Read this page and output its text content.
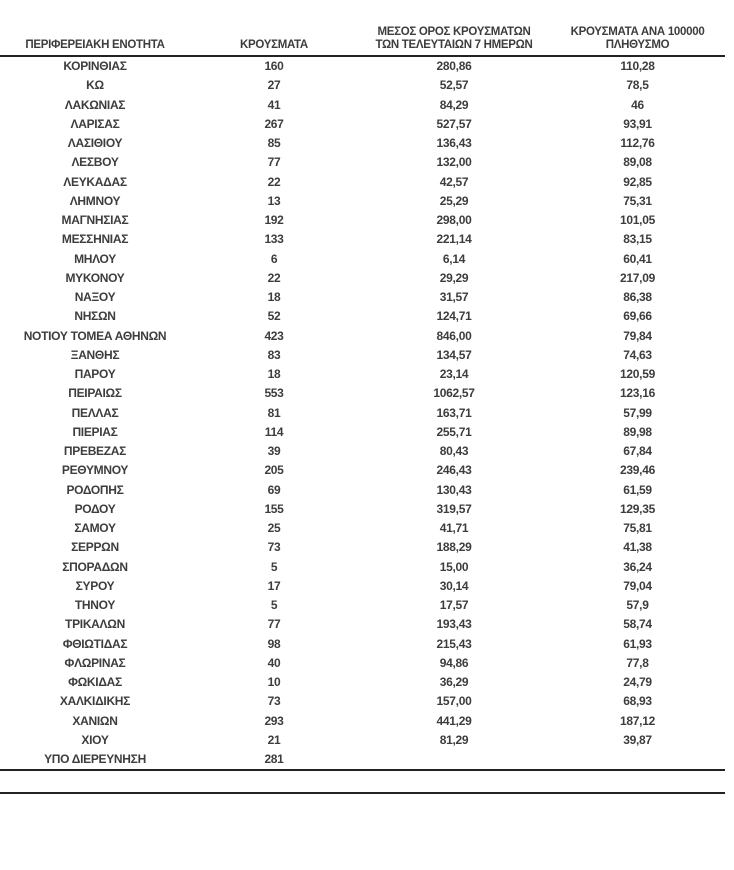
ΠΕΡΙΦΕΡΕΙΑΚΗ ΕΝΟΤΗΤΑ	ΚΡΟΥΣΜΑΤΑ	ΜΕΣΟΣ ΟΡΟΣ ΚΡΟΥΣΜΑΤΩΝ
ΤΩΝ ΤΕΛΕΥΤΑΙΩΝ 7 ΗΜΕΡΩΝ	ΚΡΟΥΣΜΑΤΑ ΑΝΑ 100000
ΠΛΗΘΥΣΜΟ
ΚΟΡΙΝΘΙΑΣ	160	280,86	110,28
ΚΩ	27	52,57	78,5
ΛΑΚΩΝΙΑΣ	41	84,29	46
ΛΑΡΙΣΑΣ	267	527,57	93,91
ΛΑΣΙΘΙΟΥ	85	136,43	112,76
ΛΕΣΒΟΥ	77	132,00	89,08
ΛΕΥΚΑΔΑΣ	22	42,57	92,85
ΛΗΜΝΟΥ	13	25,29	75,31
ΜΑΓΝΗΣΙΑΣ	192	298,00	101,05
ΜΕΣΣΗΝΙΑΣ	133	221,14	83,15
ΜΗΛΟΥ	6	6,14	60,41
ΜΥΚΟΝΟΥ	22	29,29	217,09
ΝΑΞΟΥ	18	31,57	86,38
ΝΗΣΩΝ	52	124,71	69,66
ΝΟΤΙΟΥ ΤΟΜΕΑ ΑΘΗΝΩΝ	423	846,00	79,84
ΞΑΝΘΗΣ	83	134,57	74,63
ΠΑΡΟΥ	18	23,14	120,59
ΠΕΙΡΑΙΩΣ	553	1062,57	123,16
ΠΕΛΛΑΣ	81	163,71	57,99
ΠΙΕΡΙΑΣ	114	255,71	89,98
ΠΡΕΒΕΖΑΣ	39	80,43	67,84
ΡΕΘΥΜΝΟΥ	205	246,43	239,46
ΡΟΔΟΠΗΣ	69	130,43	61,59
ΡΟΔΟΥ	155	319,57	129,35
ΣΑΜΟΥ	25	41,71	75,81
ΣΕΡΡΩΝ	73	188,29	41,38
ΣΠΟΡΑΔΩΝ	5	15,00	36,24
ΣΥΡΟΥ	17	30,14	79,04
ΤΗΝΟΥ	5	17,57	57,9
ΤΡΙΚΑΛΩΝ	77	193,43	58,74
ΦΘΙΩΤΙΔΑΣ	98	215,43	61,93
ΦΛΩΡΙΝΑΣ	40	94,86	77,8
ΦΩΚΙΔΑΣ	10	36,29	24,79
ΧΑΛΚΙΔΙΚΗΣ	73	157,00	68,93
ΧΑΝΙΩΝ	293	441,29	187,12
ΧΙΟΥ	21	81,29	39,87
ΥΠΟ ΔΙΕΡΕΥΝΗΣΗ	281		
